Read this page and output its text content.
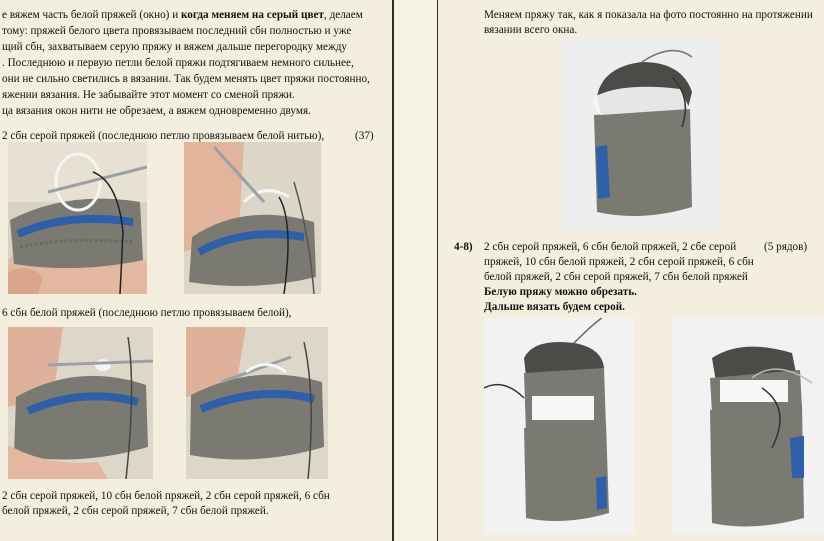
е вяжем часть белой пряжей (окно) и когда меняем на серый цвет, делаем
тому: пряжей белого цвета провязываем последний сбн полностью и уже
щий сбн, захватываем серую пряжу и вяжем дальше перегородку между
. Последнюю и первую петли белой пряжи подтягиваем немного сильнее,
они не сильно светились в вязании. Так будем менять цвет пряжи постоянно,
яжении вязания. Не забывайте этот момент со сменой пряжи.
ца вязания окон нити не обрезаем, а вяжем одновременно двумя.
2 сбн серой пряжей (последнюю петлю провязываем белой нитью),	(37)
6 сбн белой пряжей (последнюю петлю провязываем белой),
2 сбн серой пряжей, 10 сбн белой пряжей, 2 сбн серой пряжей, 6 сбн
белой пряжей, 2 сбн серой пряжей, 7 сбн белой пряжей.
Меняем пряжу так, как я показала на фото постоянно на протяжении
вязании всего окна.
4-8) 2 сбн серой пряжей, 6 сбн белой пряжей, 2 сбе серой (5 рядов)
пряжей, 10 сбн белой пряжей, 2 сбн серой пряжей, 6 сбн
белой пряжей, 2 сбн серой пряжей, 7 сбн белой пряжей
Белую пряжу можно обрезать.
Дальше вязать будем серой.
